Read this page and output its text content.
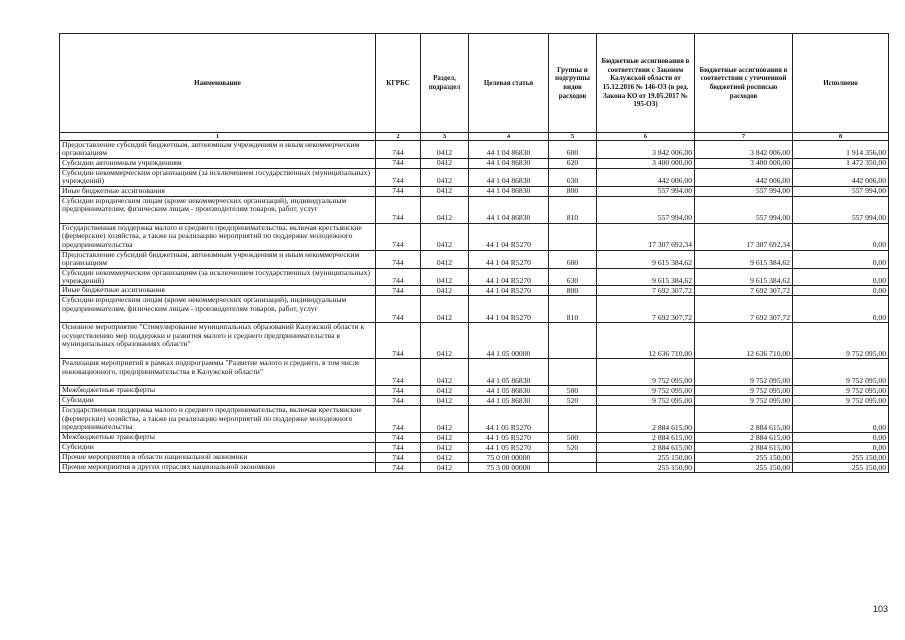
Наименование	КГРБС	Раздел, подраздел	Целевая статья	Группы и подгруппы видов расходов	Бюджетные ассигнования в соответствии с Законом Калужской области от 15.12.2016 № 146-ОЗ (в ред. Закона КО от 19.05.2017 № 195-ОЗ)	Бюджетные ассигнования в соответствии с уточненной бюджетной росписью расходов	Исполнено
1	2	3	4	5	6	7	8
Предоставление субсидий бюджетным, автономным учреждениям и иным некоммерческим организациям	744	0412	44 1 04 86830	600	3 842 006,00	3 842 006,00	1 914 356,00
Субсидии автономным учреждениям	744	0412	44 1 04 86830	620	3 400 000,00	3 400 000,00	1 472 350,00
Субсидии некоммерческим организациям (за исключением государственных (муниципальных) учреждений)	744	0412	44 1 04 86830	630	442 006,00	442 006,00	442 006,00
Иные бюджетные ассигнования	744	0412	44 1 04 86830	800	557 994,00	557 994,00	557 994,00
Субсидии юридическим лицам (кроме некоммерческих организаций), индивидуальным предпринимателям, физическим лицам - производителям товаров, работ, услуг	744	0412	44 1 04 86830	810	557 994,00	557 994,00	557 994,00
Государственная поддержка малого и среднего предпринимательства, включая крестьянские (фермерские) хозяйства, а также на реализацию мероприятий по поддержке молодежного предпринимательства	744	0412	44 1 04 R5270		17 307 692,34	17 307 692,34	0,00
Предоставление субсидий бюджетным, автономным учреждениям и иным некоммерческим организациям	744	0412	44 1 04 R5270	600	9 615 384,62	9 615 384,62	0,00
Субсидии некоммерческим организациям (за исключением государственных (муниципальных) учреждений)	744	0412	44 1 04 R5270	630	9 615 384,62	9 615 384,62	0,00
Иные бюджетные ассигнования	744	0412	44 1 04 R5270	800	7 692 307,72	7 692 307,72	0,00
Субсидии юридическим лицам (кроме некоммерческих организаций), индивидуальным предпринимателям, физическим лицам - производителям товаров, работ, услуг	744	0412	44 1 04 R5270	810	7 692 307,72	7 692 307,72	0,00
Основное мероприятие "Стимулирование муниципальных образований Калужской области к осуществлению мер поддержки и развития малого и среднего предпринимательства в муниципальных образованиях области"	744	0412	44 1 05 00000		12 636 710,00	12 636 710,00	9 752 095,00
Реализация мероприятий в рамках подпрограммы "Развитие малого и среднего, в том числе инновационного, предпринимательства в Калужской области"	744	0412	44 1 05 86830		9 752 095,00	9 752 095,00	9 752 095,00
Межбюджетные трансферты	744	0412	44 1 05 86830	500	9 752 095,00	9 752 095,00	9 752 095,00
Субсидии	744	0412	44 1 05 86830	520	9 752 095,00	9 752 095,00	9 752 095,00
Государственная поддержка малого и среднего предпринимательства, включая крестьянские (фермерские) хозяйства, а также на реализацию мероприятий по поддержке молодежного предпринимательства	744	0412	44 1 05 R5270		2 884 615,00	2 884 615,00	0,00
Межбюджетные трансферты	744	0412	44 1 05 R5270	500	2 884 615,00	2 884 615,00	0,00
Субсидии	744	0412	44 1 05 R5270	520	2 884 615,00	2 884 615,00	0,00
Прочие мероприятия в области национальной экономики	744	0412	75 0 00 00000		255 150,00	255 150,00	255 150,00
Прочие мероприятия в других отраслях национальной экономики	744	0412	75 3 00 00000		255 150,00	255 150,00	255 150,00
103
